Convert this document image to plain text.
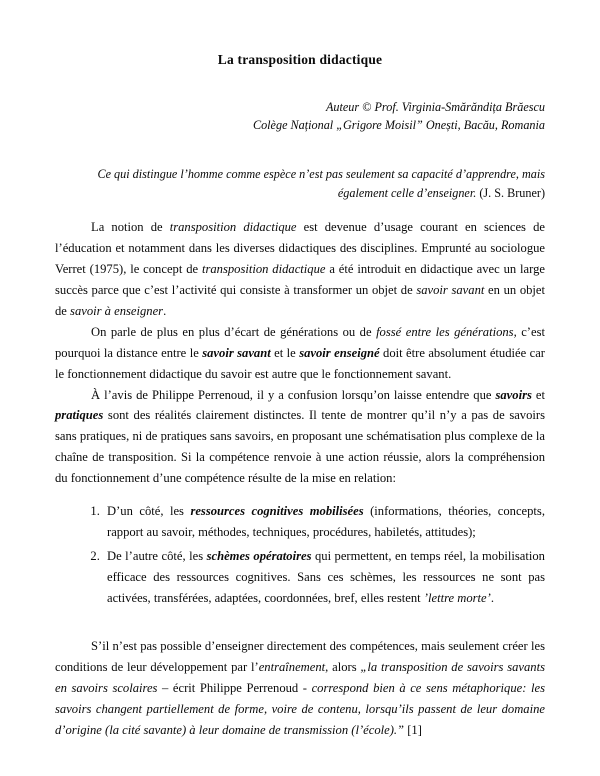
La transposition didactique
Auteur © Prof. Virginia-Smărăndița Brăescu
Colège Național „Grigore Moisil” Onești, Bacău, Romania
Ce qui distingue l’homme comme espèce n’est pas seulement sa capacité d’apprendre, mais également celle d’enseigner. (J. S. Bruner)

La notion de transposition didactique est devenue d’usage courant en sciences de l’éducation et notamment dans les diverses didactiques des disciplines. Emprunté au sociologue Verret (1975), le concept de transposition didactique a été introduit en didactique avec un large succès parce que c’est l’activité qui consiste à transformer un objet de savoir savant en un objet de savoir à enseigner.

On parle de plus en plus d’écart de générations ou de fossé entre les générations, c’est pourquoi la distance entre le savoir savant et le savoir enseigné doit être absolument étudiée car le fonctionnement didactique du savoir est autre que le fonctionnement savant.

À l’avis de Philippe Perrenoud, il y a confusion lorsqu’on laisse entendre que savoirs et pratiques sont des réalités clairement distinctes. Il tente de montrer qu’il n’y a pas de savoirs sans pratiques, ni de pratiques sans savoirs, en proposant une schématisation plus complexe de la chaîne de transposition. Si la compétence renvoie à une action réussie, alors la compréhension du fonctionnement d’une compétence résulte de la mise en relation:

1. D’un côté, les ressources cognitives mobilisées (informations, théories, concepts, rapport au savoir, méthodes, techniques, procédures, habiletés, attitudes);
2. De l’autre côté, les schèmes opératoires qui permettent, en temps réel, la mobilisation efficace des ressources cognitives. Sans ces schèmes, les ressources ne sont pas activées, transférées, adaptées, coordonnées, bref, elles restent ’lettre morte’.

S’il n’est pas possible d’enseigner directement des compétences, mais seulement créer les conditions de leur développement par l’entraînement, alors „la transposition de savoirs savants en savoirs scolaires – écrit Philippe Perrenoud - correspond bien à ce sens métaphorique: les savoirs changent partiellement de forme, voire de contenu, lorsqu’ils passent de leur domaine d’origine (la cité savante) à leur domaine de transmission (l’école).” [1]
